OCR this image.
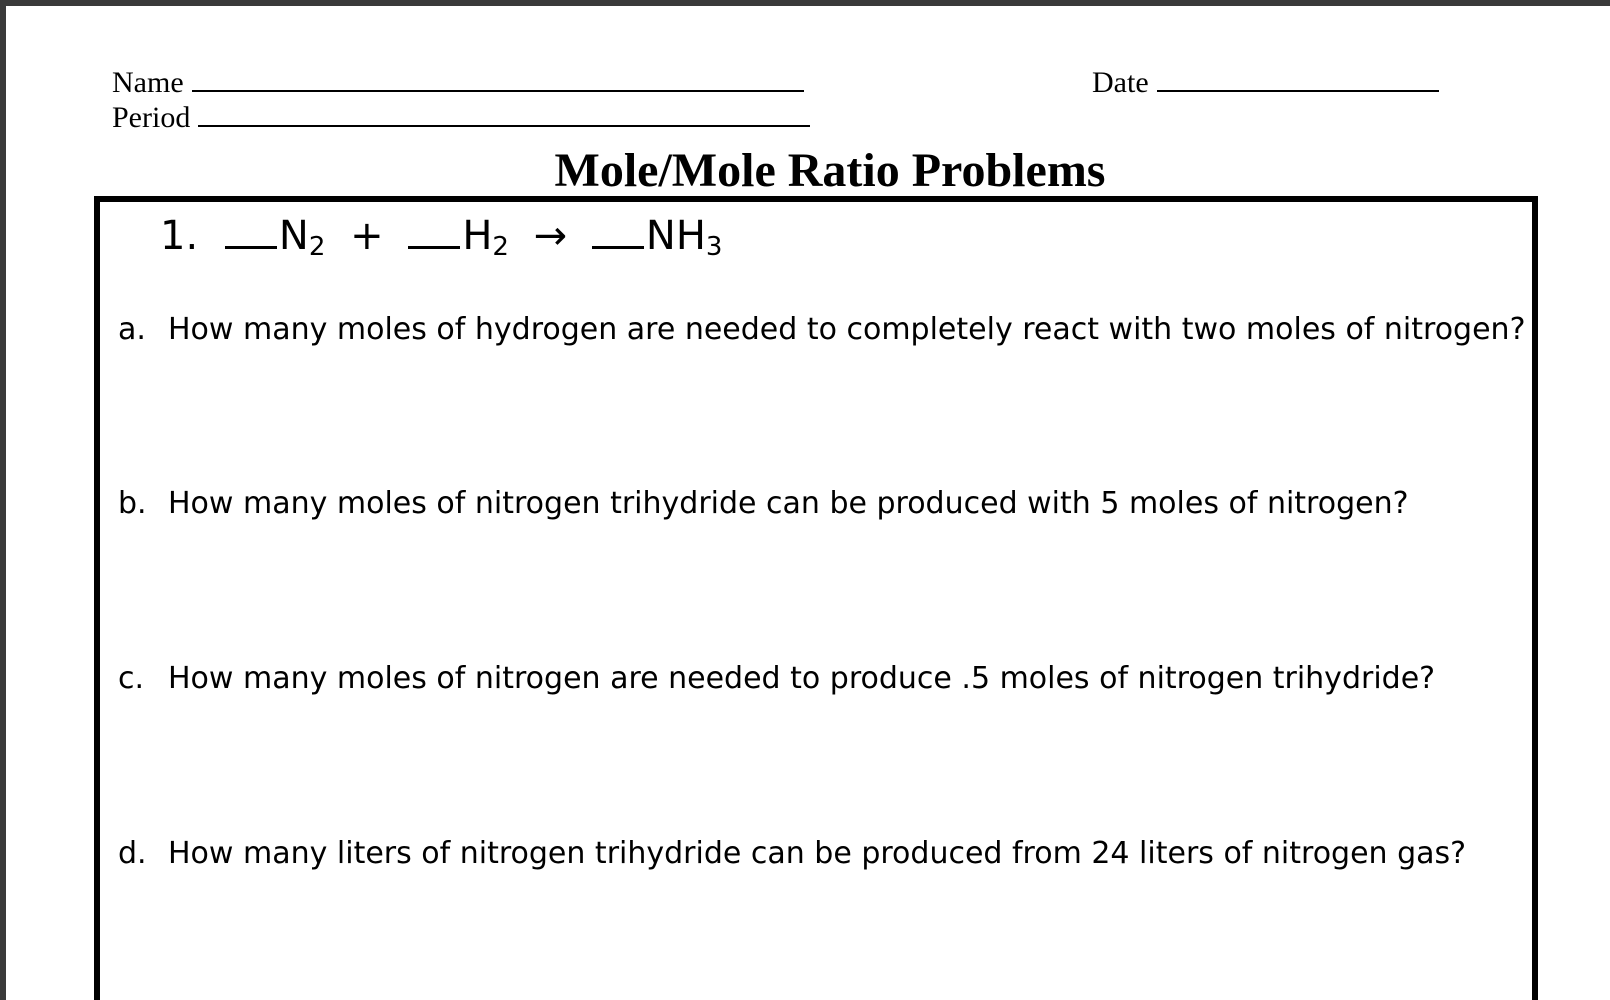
Name
Period
Date
Mole/Mole Ratio Problems
1. $N_2 + H_2 \to NH_3$
a. How many moles of hydrogen are needed to completely react with two moles of nitrogen?
b. How many moles of nitrogen trihydride can be produced with 5 moles of nitrogen?
c. How many moles of nitrogen are needed to produce .5 moles of nitrogen trihydride?
d. How many liters of nitrogen trihydride can be produced from 24 liters of nitrogen gas?
